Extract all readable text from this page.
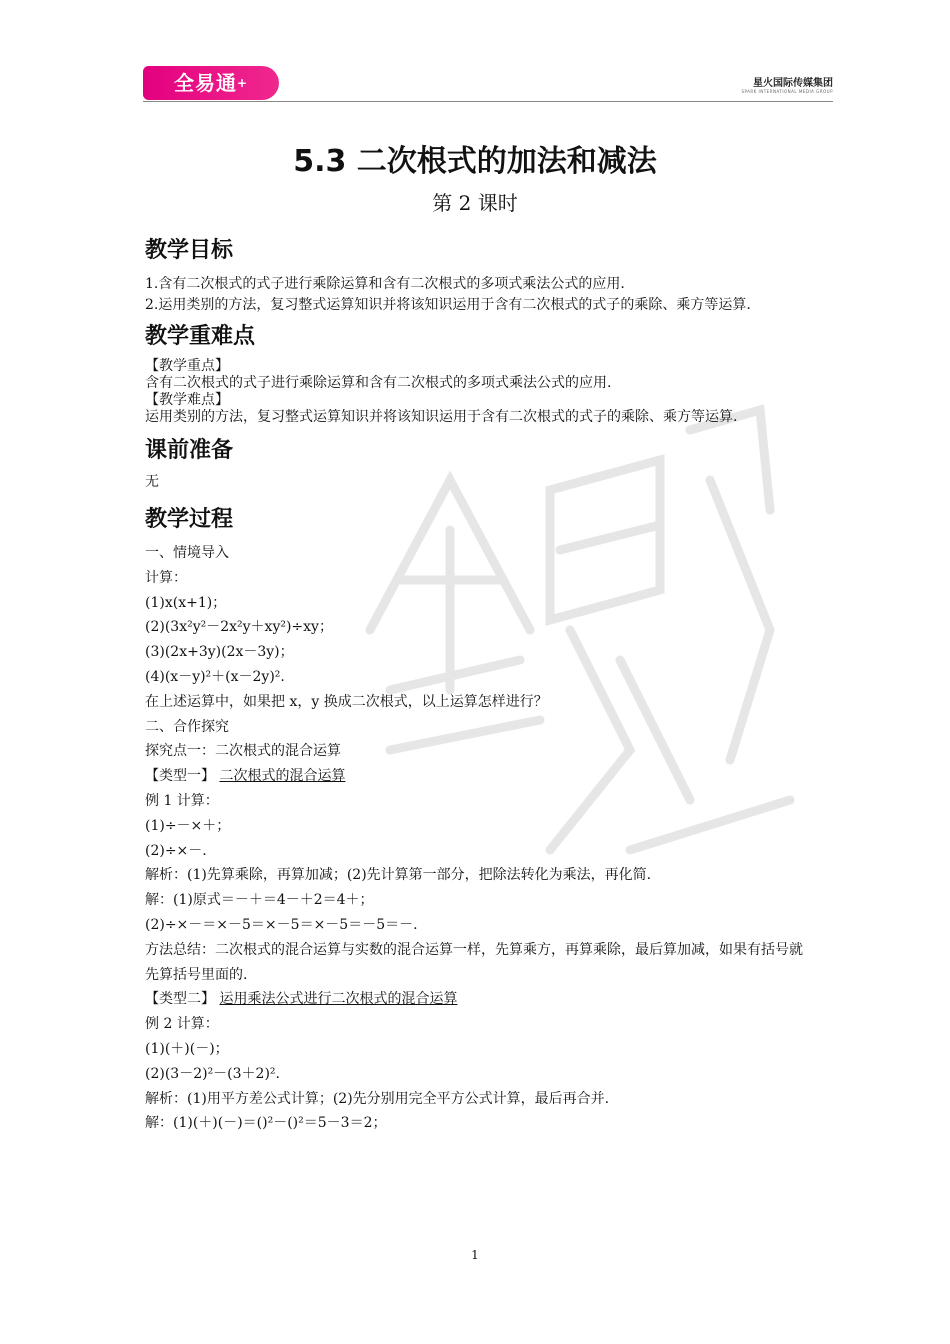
全易通+	星火国际传媒集团
SPARK INTERNATIONAL MEDIA GROUP
5.3 二次根式的加法和减法
第 2 课时
教学目标

1.含有二次根式的式子进行乘除运算和含有二次根式的多项式乘法公式的应用.

2.运用类别的方法，复习整式运算知识并将该知识运用于含有二次根式的式子的乘除、乘方等运算.

教学重难点

【教学重点】

含有二次根式的式子进行乘除运算和含有二次根式的多项式乘法公式的应用.

【教学难点】

运用类别的方法，复习整式运算知识并将该知识运用于含有二次根式的式子的乘除、乘方等运算.

课前准备

无

教学过程

一、情境导入

计算：

(1)x(x+1)；

(2)(3x²y²－2x²y＋xy²)÷xy；

(3)(2x+3y)(2x－3y)；

(4)(x－y)²＋(x－2y)².

在上述运算中，如果把 x，y 换成二次根式，以上运算怎样进行？

二、合作探究

探究点一：二次根式的混合运算

【类型一】 二次根式的混合运算

例 1 计算：

(1)÷－×＋；

(2)÷×－.

解析：(1)先算乘除，再算加减；(2)先计算第一部分，把除法转化为乘法，再化简.

解：(1)原式＝－＋＝4－＋2＝4＋；

(2)÷×－＝×－5＝×－5＝×－5＝－5＝－.

方法总结：二次根式的混合运算与实数的混合运算一样，先算乘方，再算乘除，最后算加减，如果有括号就先算括号里面的.

【类型二】 运用乘法公式进行二次根式的混合运算

例 2 计算：

(1)(＋)(－)；

(2)(3－2)²－(3＋2)².

解析：(1)用平方差公式计算；(2)先分别用完全平方公式计算，最后再合并.

解：(1)(＋)(－)＝()²－()²＝5－3＝2；

1
